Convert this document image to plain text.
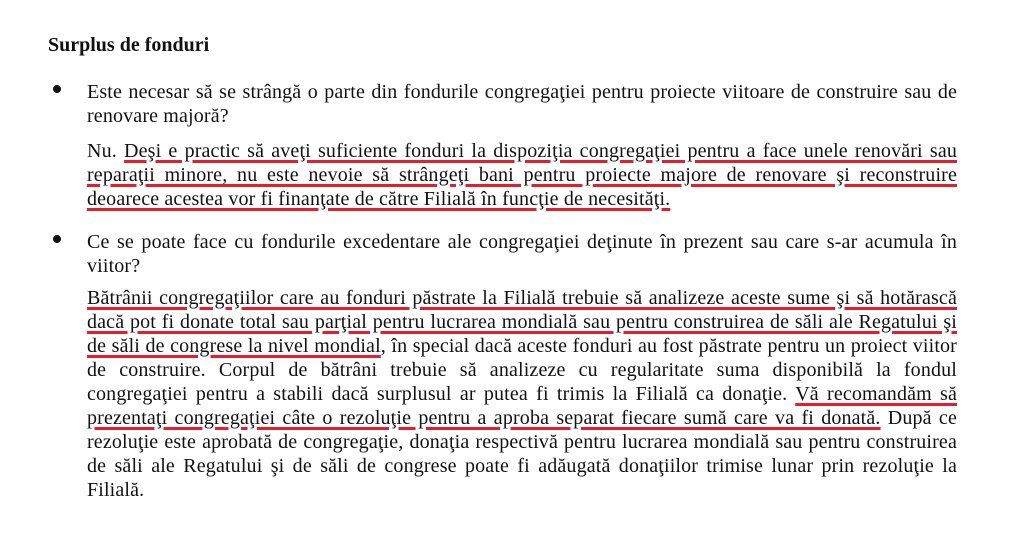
Surplus de fonduri

Este necesar să se strângă o parte din fondurile congregaţiei pentru proiecte viitoare de construire sau de renovare majoră?

Nu. Deşi e practic să aveţi suficiente fonduri la dispoziţia congregaţiei pentru a face unele renovări sau reparaţii minore, nu este nevoie să strângeţi bani pentru proiecte majore de renovare şi reconstruire deoarece acestea vor fi finanţate de către Filială în funcţie de necesităţi.

Ce se poate face cu fondurile excedentare ale congregaţiei deţinute în prezent sau care s-ar acumula în viitor?

Bătrânii congregaţiilor care au fonduri păstrate la Filială trebuie să analizeze aceste sume şi să hotărască dacă pot fi donate total sau parţial pentru lucrarea mondială sau pentru construirea de săli ale Regatului şi de săli de congrese la nivel mondial, în special dacă aceste fonduri au fost păstrate pentru un proiect viitor de construire. Corpul de bătrâni trebuie să analizeze cu regularitate suma disponibilă la fondul congregaţiei pentru a stabili dacă surplusul ar putea fi trimis la Filială ca donaţie. Vă recomandăm să prezentaţi congregaţiei câte o rezoluţie pentru a aproba separat fiecare sumă care va fi donată. După ce rezoluţie este aprobată de congregaţie, donaţia respectivă pentru lucrarea mondială sau pentru construirea de săli ale Regatului şi de săli de congrese poate fi adăugată donaţiilor trimise lunar prin rezoluţie la Filială.
